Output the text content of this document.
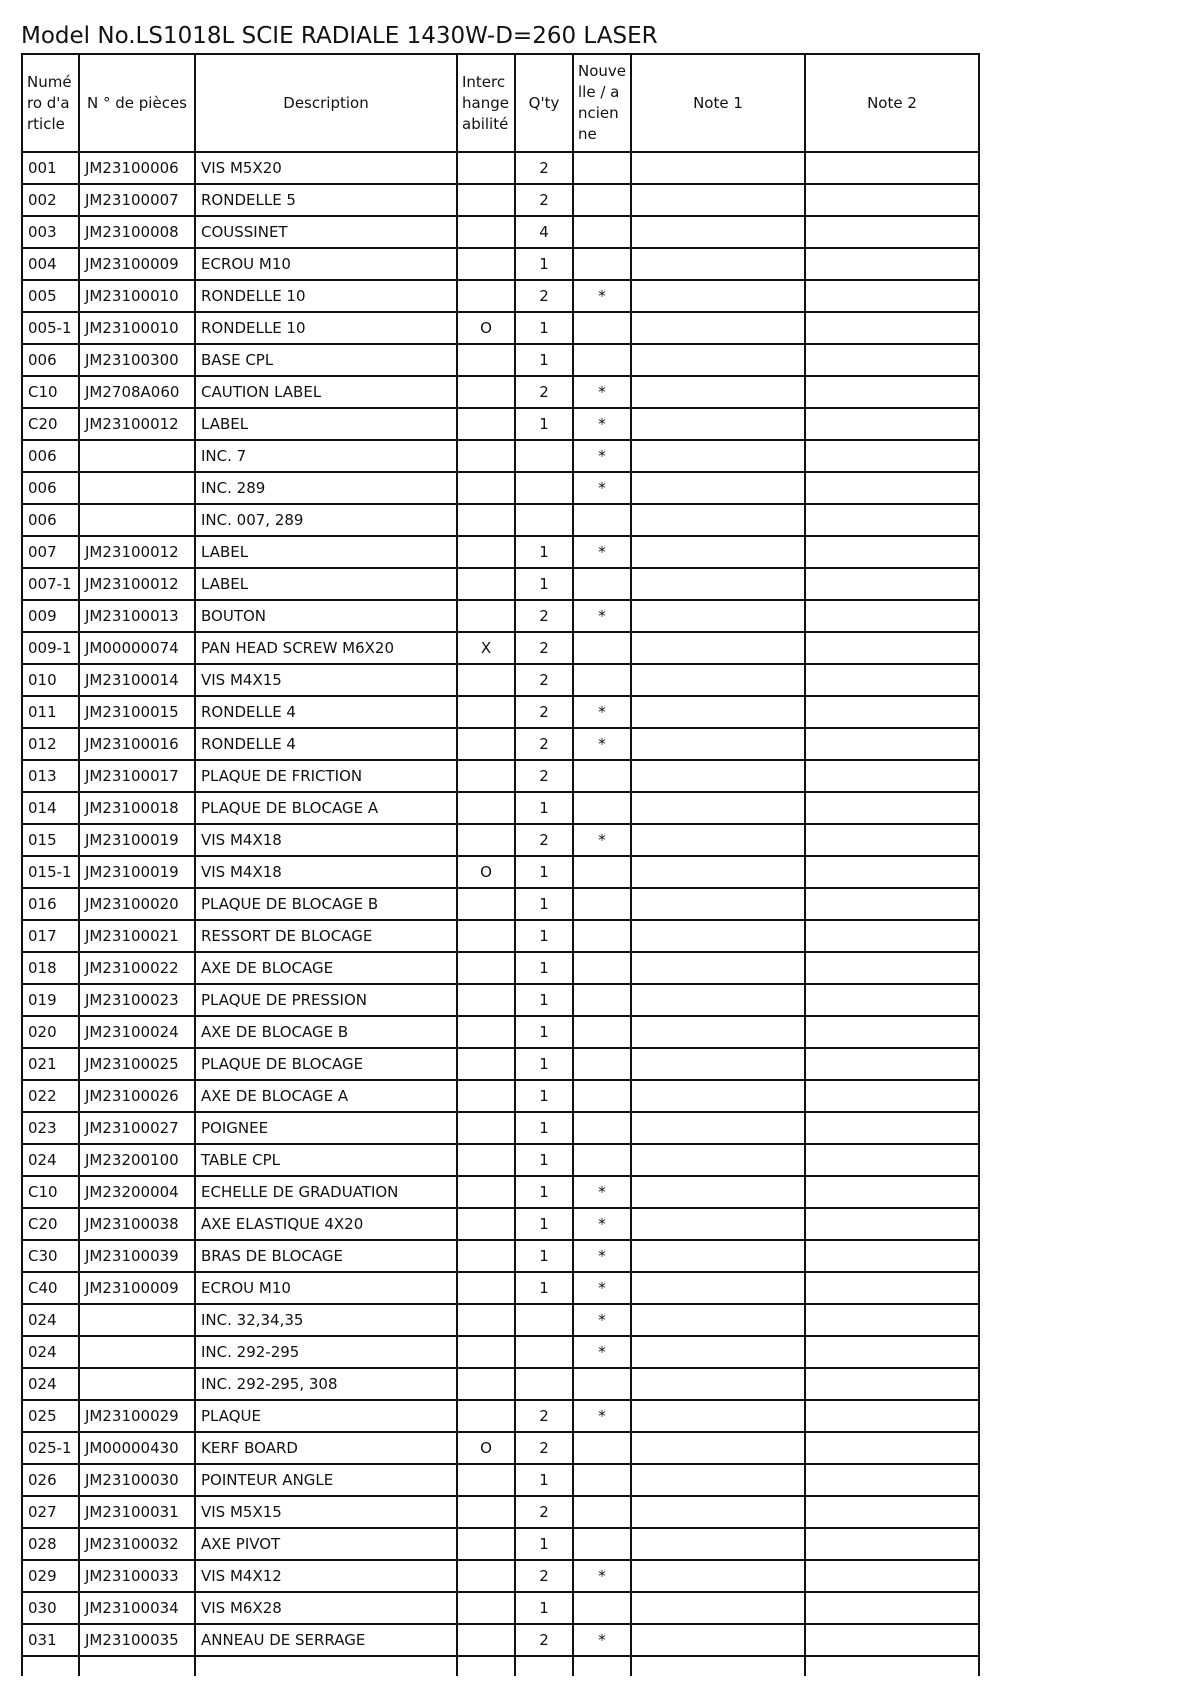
Model No.LS1018L SCIE RADIALE 1430W-D=260 LASER
Numéro d'article	N ° de pièces	Description	Interchangeabilité	Q'ty	Nouvelle / ancienne	Note 1	Note 2
001	JM23100006	VIS M5X20		2			
002	JM23100007	RONDELLE 5		2			
003	JM23100008	COUSSINET		4			
004	JM23100009	ECROU M10		1			
005	JM23100010	RONDELLE 10		2	*		
005-1	JM23100010	RONDELLE 10	O	1			
006	JM23100300	BASE CPL		1			
C10	JM2708A060	CAUTION LABEL		2	*		
C20	JM23100012	LABEL		1	*		
006		INC. 7			*		
006		INC. 289			*		
006		INC. 007, 289					
007	JM23100012	LABEL		1	*		
007-1	JM23100012	LABEL		1			
009	JM23100013	BOUTON		2	*		
009-1	JM00000074	PAN HEAD SCREW M6X20	X	2			
010	JM23100014	VIS M4X15		2			
011	JM23100015	RONDELLE 4		2	*		
012	JM23100016	RONDELLE 4		2	*		
013	JM23100017	PLAQUE DE FRICTION		2			
014	JM23100018	PLAQUE DE BLOCAGE A		1			
015	JM23100019	VIS M4X18		2	*		
015-1	JM23100019	VIS M4X18	O	1			
016	JM23100020	PLAQUE DE BLOCAGE B		1			
017	JM23100021	RESSORT DE BLOCAGE		1			
018	JM23100022	AXE DE BLOCAGE		1			
019	JM23100023	PLAQUE DE PRESSION		1			
020	JM23100024	AXE DE BLOCAGE B		1			
021	JM23100025	PLAQUE DE BLOCAGE		1			
022	JM23100026	AXE DE BLOCAGE A		1			
023	JM23100027	POIGNEE		1			
024	JM23200100	TABLE CPL		1			
C10	JM23200004	ECHELLE DE GRADUATION		1	*		
C20	JM23100038	AXE ELASTIQUE 4X20		1	*		
C30	JM23100039	BRAS DE BLOCAGE		1	*		
C40	JM23100009	ECROU M10		1	*		
024		INC. 32,34,35			*		
024		INC. 292-295			*		
024		INC. 292-295, 308					
025	JM23100029	PLAQUE		2	*		
025-1	JM00000430	KERF BOARD	O	2			
026	JM23100030	POINTEUR ANGLE		1			
027	JM23100031	VIS M5X15		2			
028	JM23100032	AXE PIVOT		1			
029	JM23100033	VIS M4X12		2	*		
030	JM23100034	VIS M6X28		1			
031	JM23100035	ANNEAU DE SERRAGE		2	*		
